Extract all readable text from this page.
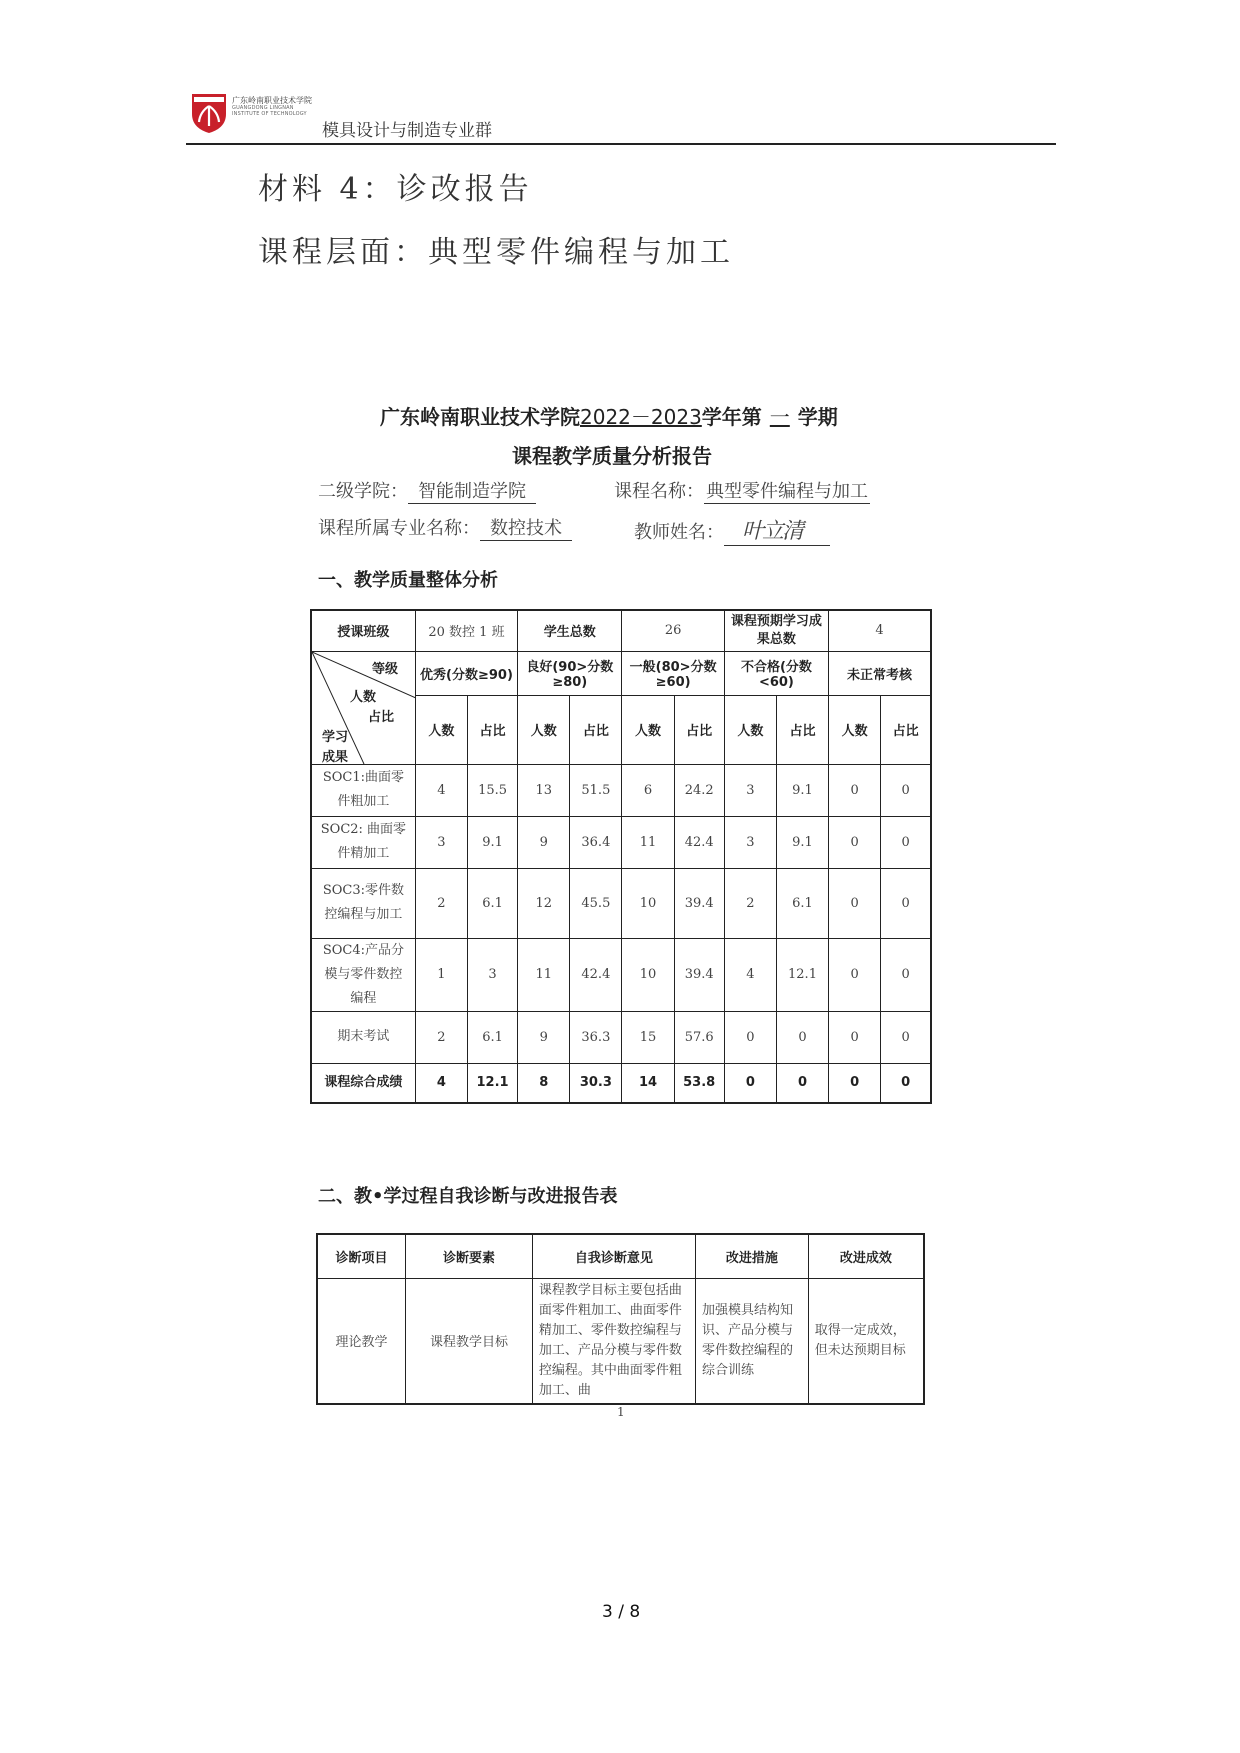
广东岭南职业技术学院
GUANGDONG LINGNAN INSTITUTE OF TECHNOLOGY
模具设计与制造专业群
材料 4：诊改报告
课程层面：典型零件编程与加工
广东岭南职业技术学院2022－2023学年第 一 学期
课程教学质量分析报告
二级学院： 智能制造学院	课程名称： 典型零件编程与加工
课程所属专业名称： 数控技术	教师姓名： 叶立清
一、教学质量整体分析
授课班级	20 数控 1 班		学生总数		26		课程预期学习成果总数		4	

等级
人数
占比
学习成果	优秀(分数≥90)		良好(90>分数≥80)		一般(80>分数≥60)		不合格(分数<60)		未正常考核	
	人数	占比	人数	占比	人数	占比	人数	占比	人数	占比
SOC1:曲面零件粗加工	4	15.5	13	51.5	6	24.2	3	9.1	0	0
SOC2: 曲面零件精加工	3	9.1	9	36.4	11	42.4	3	9.1	0	0
SOC3:零件数控编程与加工	2	6.1	12	45.5	10	39.4	2	6.1	0	0
SOC4:产品分模与零件数控编程	1	3	11	42.4	10	39.4	4	12.1	0	0
期末考试	2	6.1	9	36.3	15	57.6	0	0	0	0
课程综合成绩	4	12.1	8	30.3	14	53.8	0	0	0	0
二、教•学过程自我诊断与改进报告表
诊断项目	诊断要素	自我诊断意见	改进措施	改进成效
理论教学	课程教学目标	课程教学目标主要包括曲面零件粗加工、曲面零件精加工、零件数控编程与加工、产品分模与零件数控编程。其中曲面零件粗加工、曲	加强模具结构知识、产品分模与零件数控编程的综合训练	取得一定成效，但未达预期目标
1
3 / 8
